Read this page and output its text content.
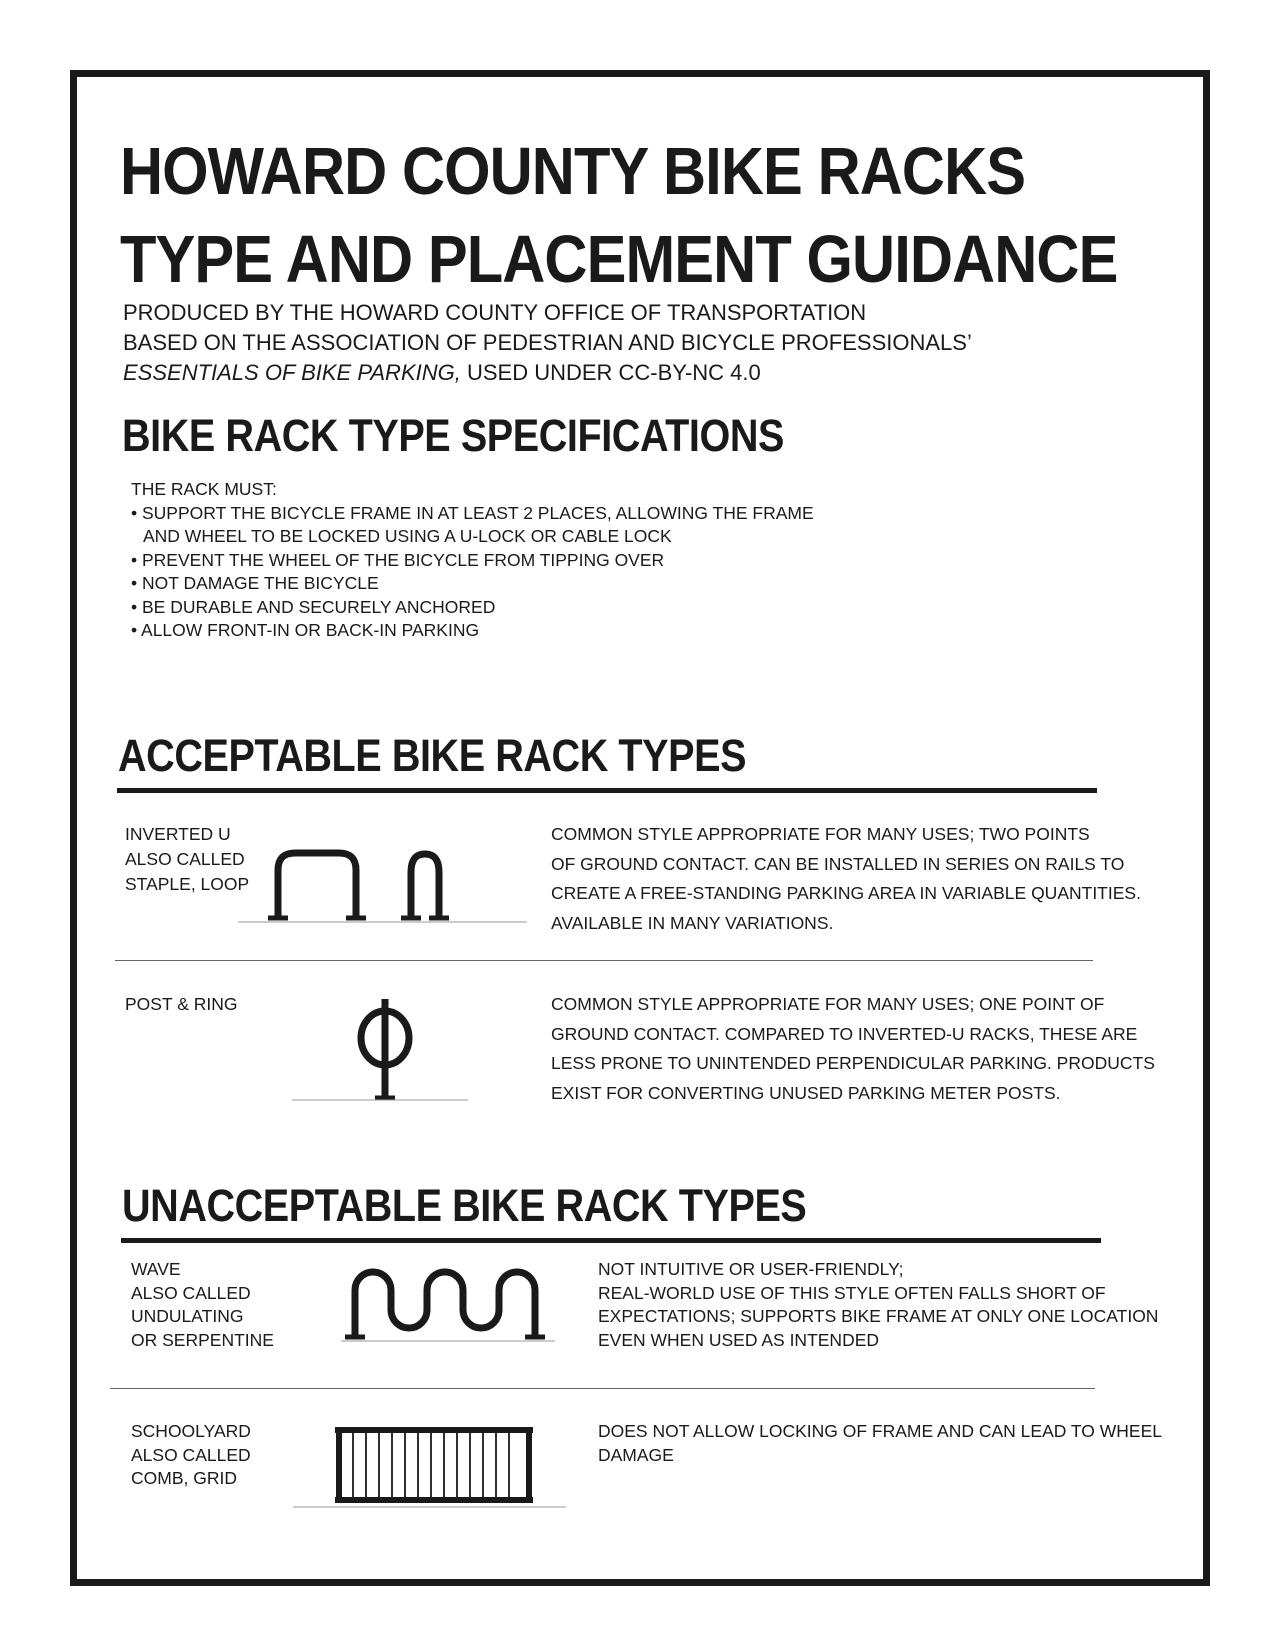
HOWARD COUNTY BIKE RACKS
TYPE AND PLACEMENT GUIDANCE
PRODUCED BY THE HOWARD COUNTY OFFICE OF TRANSPORTATION
BASED ON THE ASSOCIATION OF PEDESTRIAN AND BICYCLE PROFESSIONALS’
ESSENTIALS OF BIKE PARKING, USED UNDER CC-BY-NC 4.0
BIKE RACK TYPE SPECIFICATIONS
THE RACK MUST:
• SUPPORT THE BICYCLE FRAME IN AT LEAST 2 PLACES, ALLOWING THE FRAME
AND WHEEL TO BE LOCKED USING A U-LOCK OR CABLE LOCK
• PREVENT THE WHEEL OF THE BICYCLE FROM TIPPING OVER
• NOT DAMAGE THE BICYCLE
• BE DURABLE AND SECURELY ANCHORED
• ALLOW FRONT-IN OR BACK-IN PARKING
ACCEPTABLE BIKE RACK TYPES
INVERTED U
ALSO CALLED
STAPLE, LOOP
COMMON STYLE APPROPRIATE FOR MANY USES; TWO POINTS
OF GROUND CONTACT. CAN BE INSTALLED IN SERIES ON RAILS TO
CREATE A FREE-STANDING PARKING AREA IN VARIABLE QUANTITIES.
AVAILABLE IN MANY VARIATIONS.
POST & RING	COMMON STYLE APPROPRIATE FOR MANY USES; ONE POINT OF
GROUND CONTACT. COMPARED TO INVERTED-U RACKS, THESE ARE
LESS PRONE TO UNINTENDED PERPENDICULAR PARKING. PRODUCTS
EXIST FOR CONVERTING UNUSED PARKING METER POSTS.
UNACCEPTABLE BIKE RACK TYPES
WAVE
ALSO CALLED
UNDULATING
OR SERPENTINE
NOT INTUITIVE OR USER-FRIENDLY;
REAL-WORLD USE OF THIS STYLE OFTEN FALLS SHORT OF
EXPECTATIONS; SUPPORTS BIKE FRAME AT ONLY ONE LOCATION
EVEN WHEN USED AS INTENDED
SCHOOLYARD
ALSO CALLED
COMB, GRID
DOES NOT ALLOW LOCKING OF FRAME AND CAN LEAD TO WHEEL
DAMAGE
